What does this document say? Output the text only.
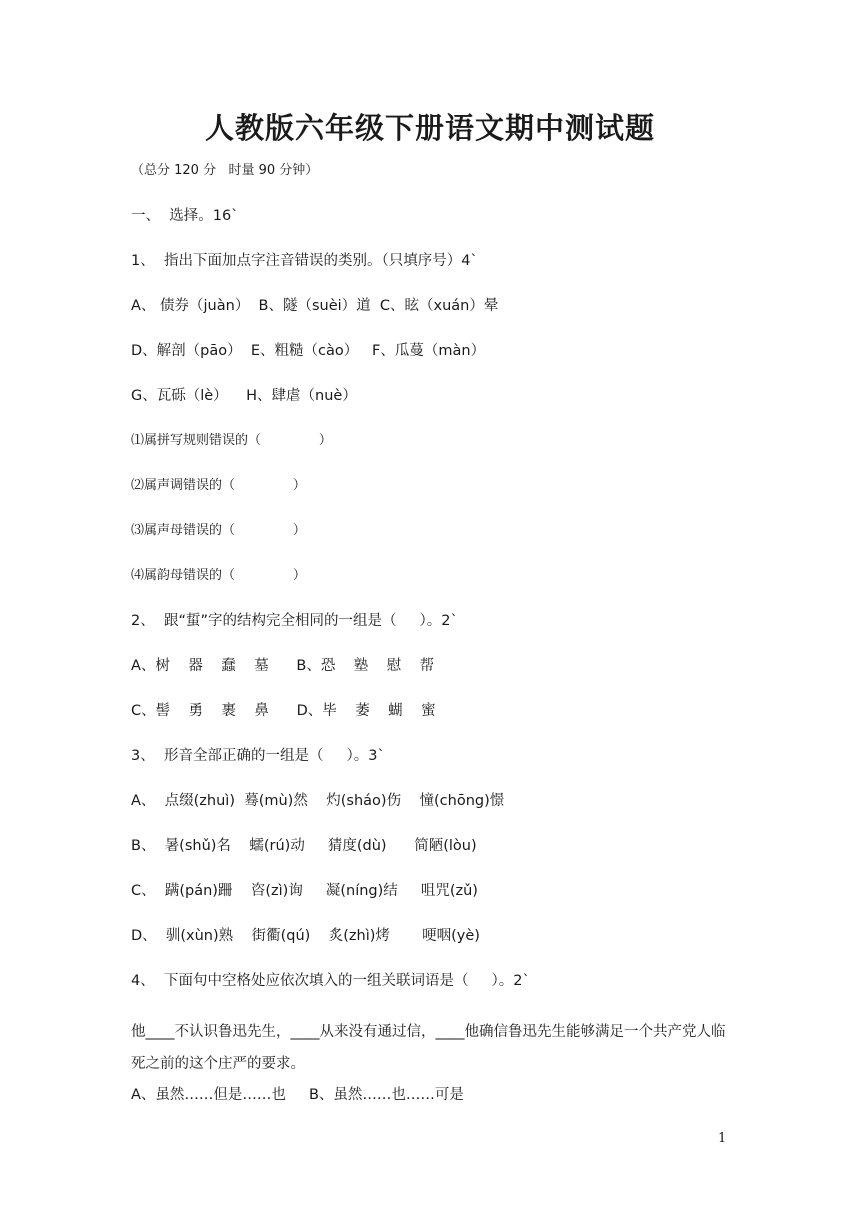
人教版六年级下册语文期中测试题
（总分 120 分   时量 90 分钟）
一、  选择。16`
1、  指出下面加点字注音错误的类别。（只填序号）4`
A、 债券（juàn）  B、隧（suèi）道  C、眩（xuán）晕
D、解剖（pāo）  E、粗糙（cào）   F、瓜蔓（màn）
G、瓦砾（lè）    H、肆虐（nuè）
⑴属拼写规则错误的（              ）
⑵属声调错误的（              ）
⑶属声母错误的（              ）
⑷属韵母错误的（              ）
2、  跟“蜇”字的结构完全相同的一组是（     ）。2`
A、树    器    蠢    墓      B、恐    塾    慰    帮
C、髻    勇    裹    鼻      D、毕    萎    蝴    蜜
3、  形音全部正确的一组是（     ）。3`
A、  点缀(zhuì)  蓦(mù)然    灼(sháo)伤    憧(chōng)憬
B、  暑(shǔ)名    蠕(rú)动     猜度(dù)      简陋(lòu)
C、  蹒(pán)跚    咨(zì)询     凝(níng)结     咀咒(zǔ)
D、  驯(xùn)熟    街衢(qú)    炙(zhì)烤       哽咽(yè)
4、  下面句中空格处应依次填入的一组关联词语是（     ）。2`
他____不认识鲁迅先生，____从来没有通过信，____他确信鲁迅先生能够满足一个共产党人临死之前的这个庄严的要求。
A、虽然……但是……也     B、虽然……也……可是
1
